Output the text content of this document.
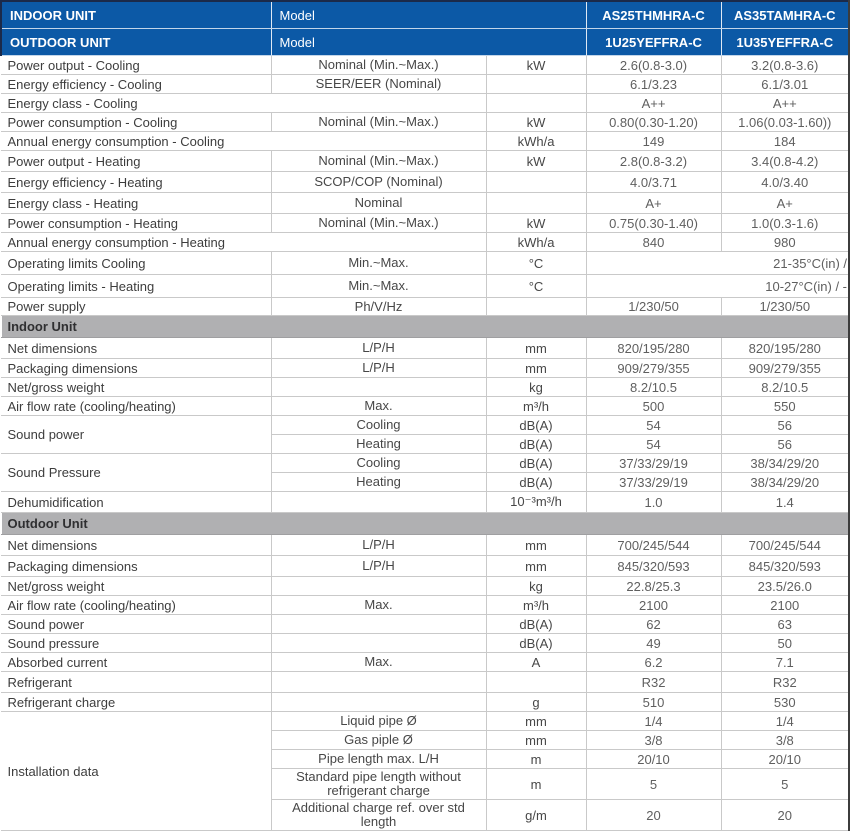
INDOOR UNIT	Model		AS25THMHRA-C	AS35TAMHRA-C
OUTDOOR UNIT	Model		1U25YEFFRA-C	1U35YEFFRA-C
Power output - Cooling	Nominal (Min.~Max.)	kW	2.6(0.8-3.0)	3.2(0.8-3.6)
Energy efficiency - Cooling	SEER/EER (Nominal)		6.1/3.23	6.1/3.01
Energy class - Cooling			A++	A++
Power consumption - Cooling	Nominal (Min.~Max.)	kW	0.80(0.30-1.20)	1.06(0.03-1.60))
Annual energy consumption - Cooling		kWh/a	149	184
Power output - Heating	Nominal (Min.~Max.)	kW	2.8(0.8-3.2)	3.4(0.8-4.2)
Energy efficiency - Heating	SCOP/COP (Nominal)		4.0/3.71	4.0/3.40
Energy class - Heating	Nominal		A+	A+
Power consumption - Heating	Nominal (Min.~Max.)	kW	0.75(0.30-1.40)	1.0(0.3-1.6)
Annual energy consumption - Heating		kWh/a	840	980
Operating limits Cooling	Min.~Max.	°C	21-35°C(in) /	
Operating limits - Heating	Min.~Max.	°C	10-27°C(in) / -	
Power supply	Ph/V/Hz		1/230/50	1/230/50
Indoor Unit				
Net dimensions	L/P/H	mm	820/195/280	820/195/280
Packaging dimensions	L/P/H	mm	909/279/355	909/279/355
Net/gross weight		kg	8.2/10.5	8.2/10.5
Air flow rate (cooling/heating)	Max.	m³/h	500	550
Sound power	Cooling	dB(A)	54	56
	Heating	dB(A)	54	56
Sound Pressure	Cooling	dB(A)	37/33/29/19	38/34/29/20
	Heating	dB(A)	37/33/29/19	38/34/29/20
Dehumidification		10⁻³m³/h	1.0	1.4
Outdoor Unit				
Net dimensions	L/P/H	mm	700/245/544	700/245/544
Packaging dimensions	L/P/H	mm	845/320/593	845/320/593
Net/gross weight		kg	22.8/25.3	23.5/26.0
Air flow rate (cooling/heating)	Max.	m³/h	2100	2100
Sound power		dB(A)	62	63
Sound pressure		dB(A)	49	50
Absorbed current	Max.	A	6.2	7.1
Refrigerant			R32	R32
Refrigerant charge		g	510	530
Installation data	Liquid pipe Ø	mm	1/4	1/4
	Gas piple Ø	mm	3/8	3/8
	Pipe length max. L/H	m	20/10	20/10
	Standard pipe length without refrigerant charge	m	5	5
	Additional charge ref. over std length	g/m	20	20
